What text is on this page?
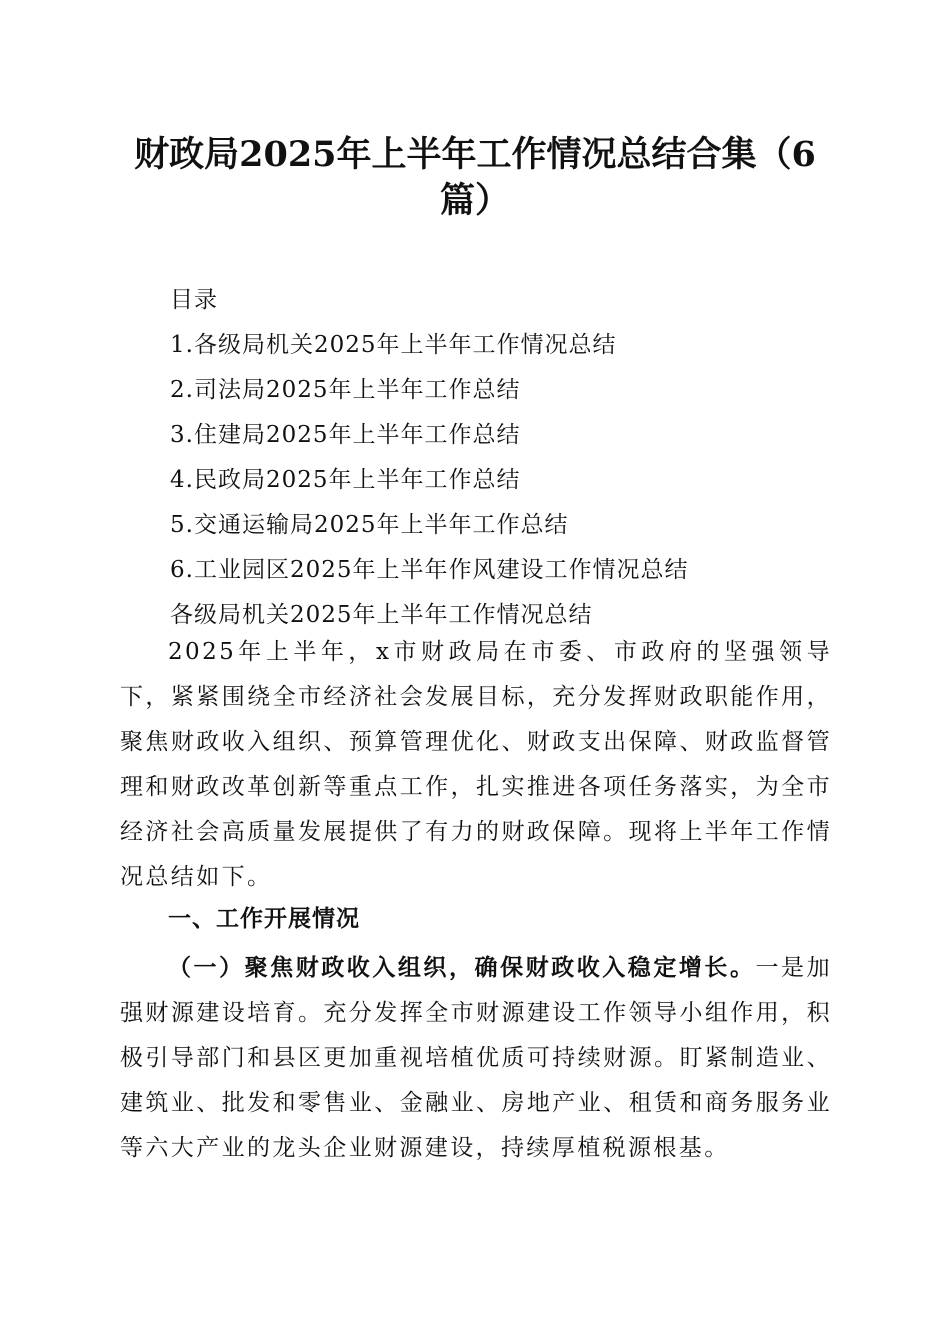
财政局2025年上半年工作情况总结合集（6篇）
目录
1.各级局机关2025年上半年工作情况总结
2.司法局2025年上半年工作总结
3.住建局2025年上半年工作总结
4.民政局2025年上半年工作总结
5.交通运输局2025年上半年工作总结
6.工业园区2025年上半年作风建设工作情况总结
各级局机关2025年上半年工作情况总结
2025年上半年，x市财政局在市委、市政府的坚强领导下，紧紧围绕全市经济社会发展目标，充分发挥财政职能作用，聚焦财政收入组织、预算管理优化、财政支出保障、财政监督管理和财政改革创新等重点工作，扎实推进各项任务落实，为全市经济社会高质量发展提供了有力的财政保障。现将上半年工作情况总结如下。
一、工作开展情况
（一）聚焦财政收入组织，确保财政收入稳定增长。一是加强财源建设培育。充分发挥全市财源建设工作领导小组作用，积极引导部门和县区更加重视培植优质可持续财源。盯紧制造业、建筑业、批发和零售业、金融业、房地产业、租赁和商务服务业等六大产业的龙头企业财源建设，持续厚植税源根基。
